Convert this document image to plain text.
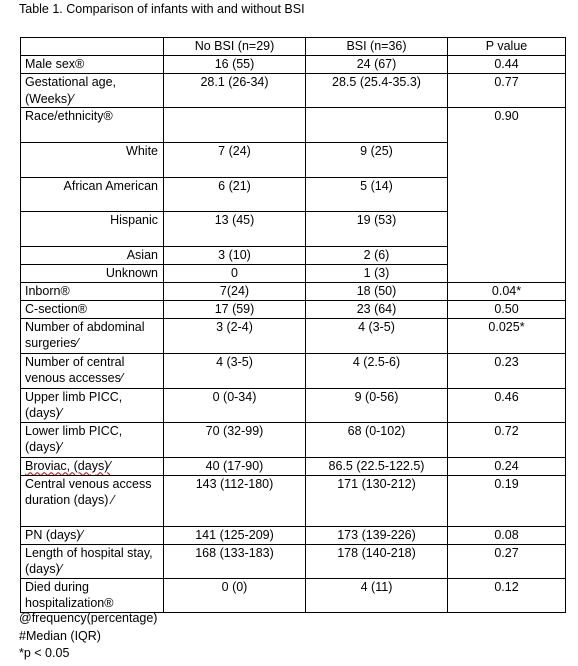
Table 1. Comparison of infants with and without BSI
	No BSI (n=29)	BSI (n=36)	P value
Male sex®	16 (55)	24 (67)	0.44
Gestational age, (Weeks)⁄	28.1 (26-34)	28.5 (25.4-35.3)	0.77
Race/ethnicity®			0.90
White	7 (24)	9 (25)	
African American	6 (21)	5 (14)	
Hispanic	13 (45)	19 (53)	
Asian	3 (10)	2 (6)	
Unknown	0	1 (3)	
Inborn®	7(24)	18 (50)	0.04*
C-section®	17 (59)	23 (64)	0.50
Number of abdominal surgeries⁄	3 (2-4)	4 (3-5)	0.025*
Number of central venous accesses⁄	4 (3-5)	4 (2.5-6)	0.23
Upper limb PICC, (days)⁄	0 (0-34)	9 (0-56)	0.46
Lower limb PICC, (days)⁄	70 (32-99)	68 (0-102)	0.72
Broviac, (days)⁄	40 (17-90)	86.5 (22.5-122.5)	0.24
Central venous access duration (days) ⁄	143 (112-180)	171 (130-212)	0.19
PN (days)⁄	141 (125-209)	173 (139-226)	0.08
Length of hospital stay, (days)⁄	168 (133-183)	178 (140-218)	0.27
Died during hospitalization®	0 (0)	4 (11)	0.12
@frequency(percentage)
#Median (IQR)
*p < 0.05
